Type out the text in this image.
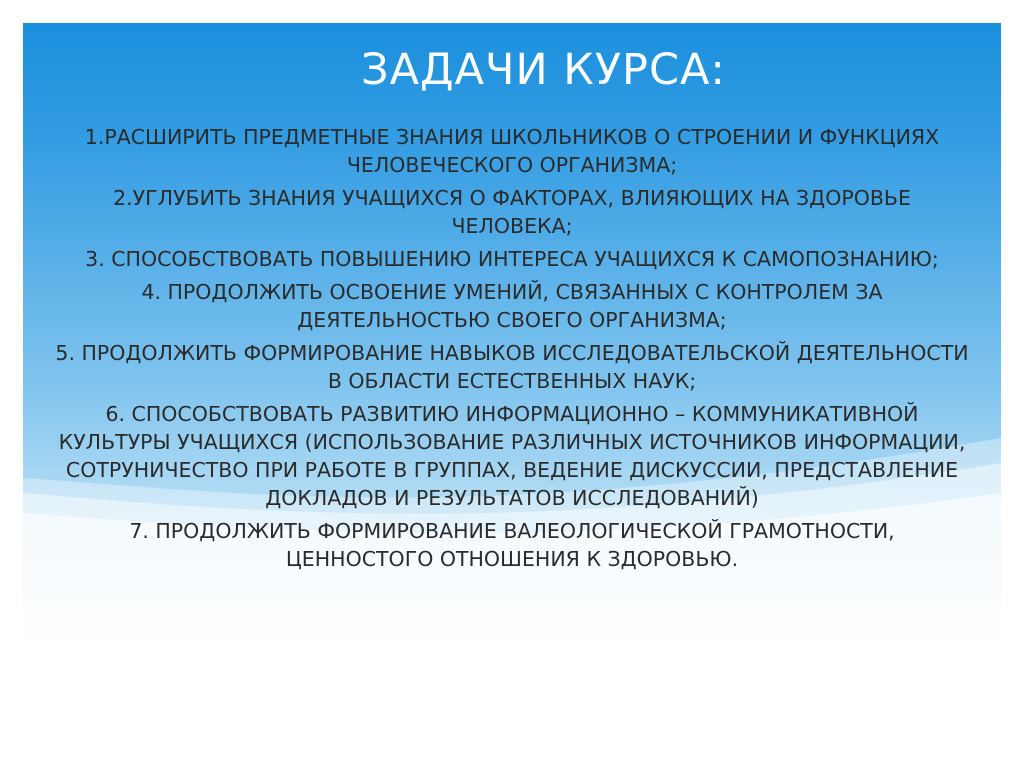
ЗАДАЧИ КУРСА:

1.РАСШИРИТЬ ПРЕДМЕТНЫЕ ЗНАНИЯ ШКОЛЬНИКОВ О СТРОЕНИИ И ФУНКЦИЯХ ЧЕЛОВЕЧЕСКОГО ОРГАНИЗМА;

2.УГЛУБИТЬ ЗНАНИЯ УЧАЩИХСЯ О ФАКТОРАХ, ВЛИЯЮЩИХ НА ЗДОРОВЬЕ ЧЕЛОВЕКА;

3. СПОСОБСТВОВАТЬ ПОВЫШЕНИЮ ИНТЕРЕСА УЧАЩИХСЯ К САМОПОЗНАНИЮ;

4. ПРОДОЛЖИТЬ ОСВОЕНИЕ УМЕНИЙ, СВЯЗАННЫХ С КОНТРОЛЕМ ЗА ДЕЯТЕЛЬНОСТЬЮ СВОЕГО ОРГАНИЗМА;

5. ПРОДОЛЖИТЬ ФОРМИРОВАНИЕ НАВЫКОВ ИССЛЕДОВАТЕЛЬСКОЙ ДЕЯТЕЛЬНОСТИ В ОБЛАСТИ ЕСТЕСТВЕННЫХ НАУК;

6. СПОСОБСТВОВАТЬ РАЗВИТИЮ ИНФОРМАЦИОННО – КОММУНИКАТИВНОЙ КУЛЬТУРЫ УЧАЩИХСЯ (ИСПОЛЬЗОВАНИЕ РАЗЛИЧНЫХ ИСТОЧНИКОВ ИНФОРМАЦИИ, СОТРУНИЧЕСТВО ПРИ РАБОТЕ В ГРУППАХ, ВЕДЕНИЕ ДИСКУССИИ, ПРЕДСТАВЛЕНИЕ ДОКЛАДОВ И РЕЗУЛЬТАТОВ ИССЛЕДОВАНИЙ)

7. ПРОДОЛЖИТЬ ФОРМИРОВАНИЕ ВАЛЕОЛОГИЧЕСКОЙ ГРАМОТНОСТИ, ЦЕННОСТОГО ОТНОШЕНИЯ К ЗДОРОВЬЮ.
